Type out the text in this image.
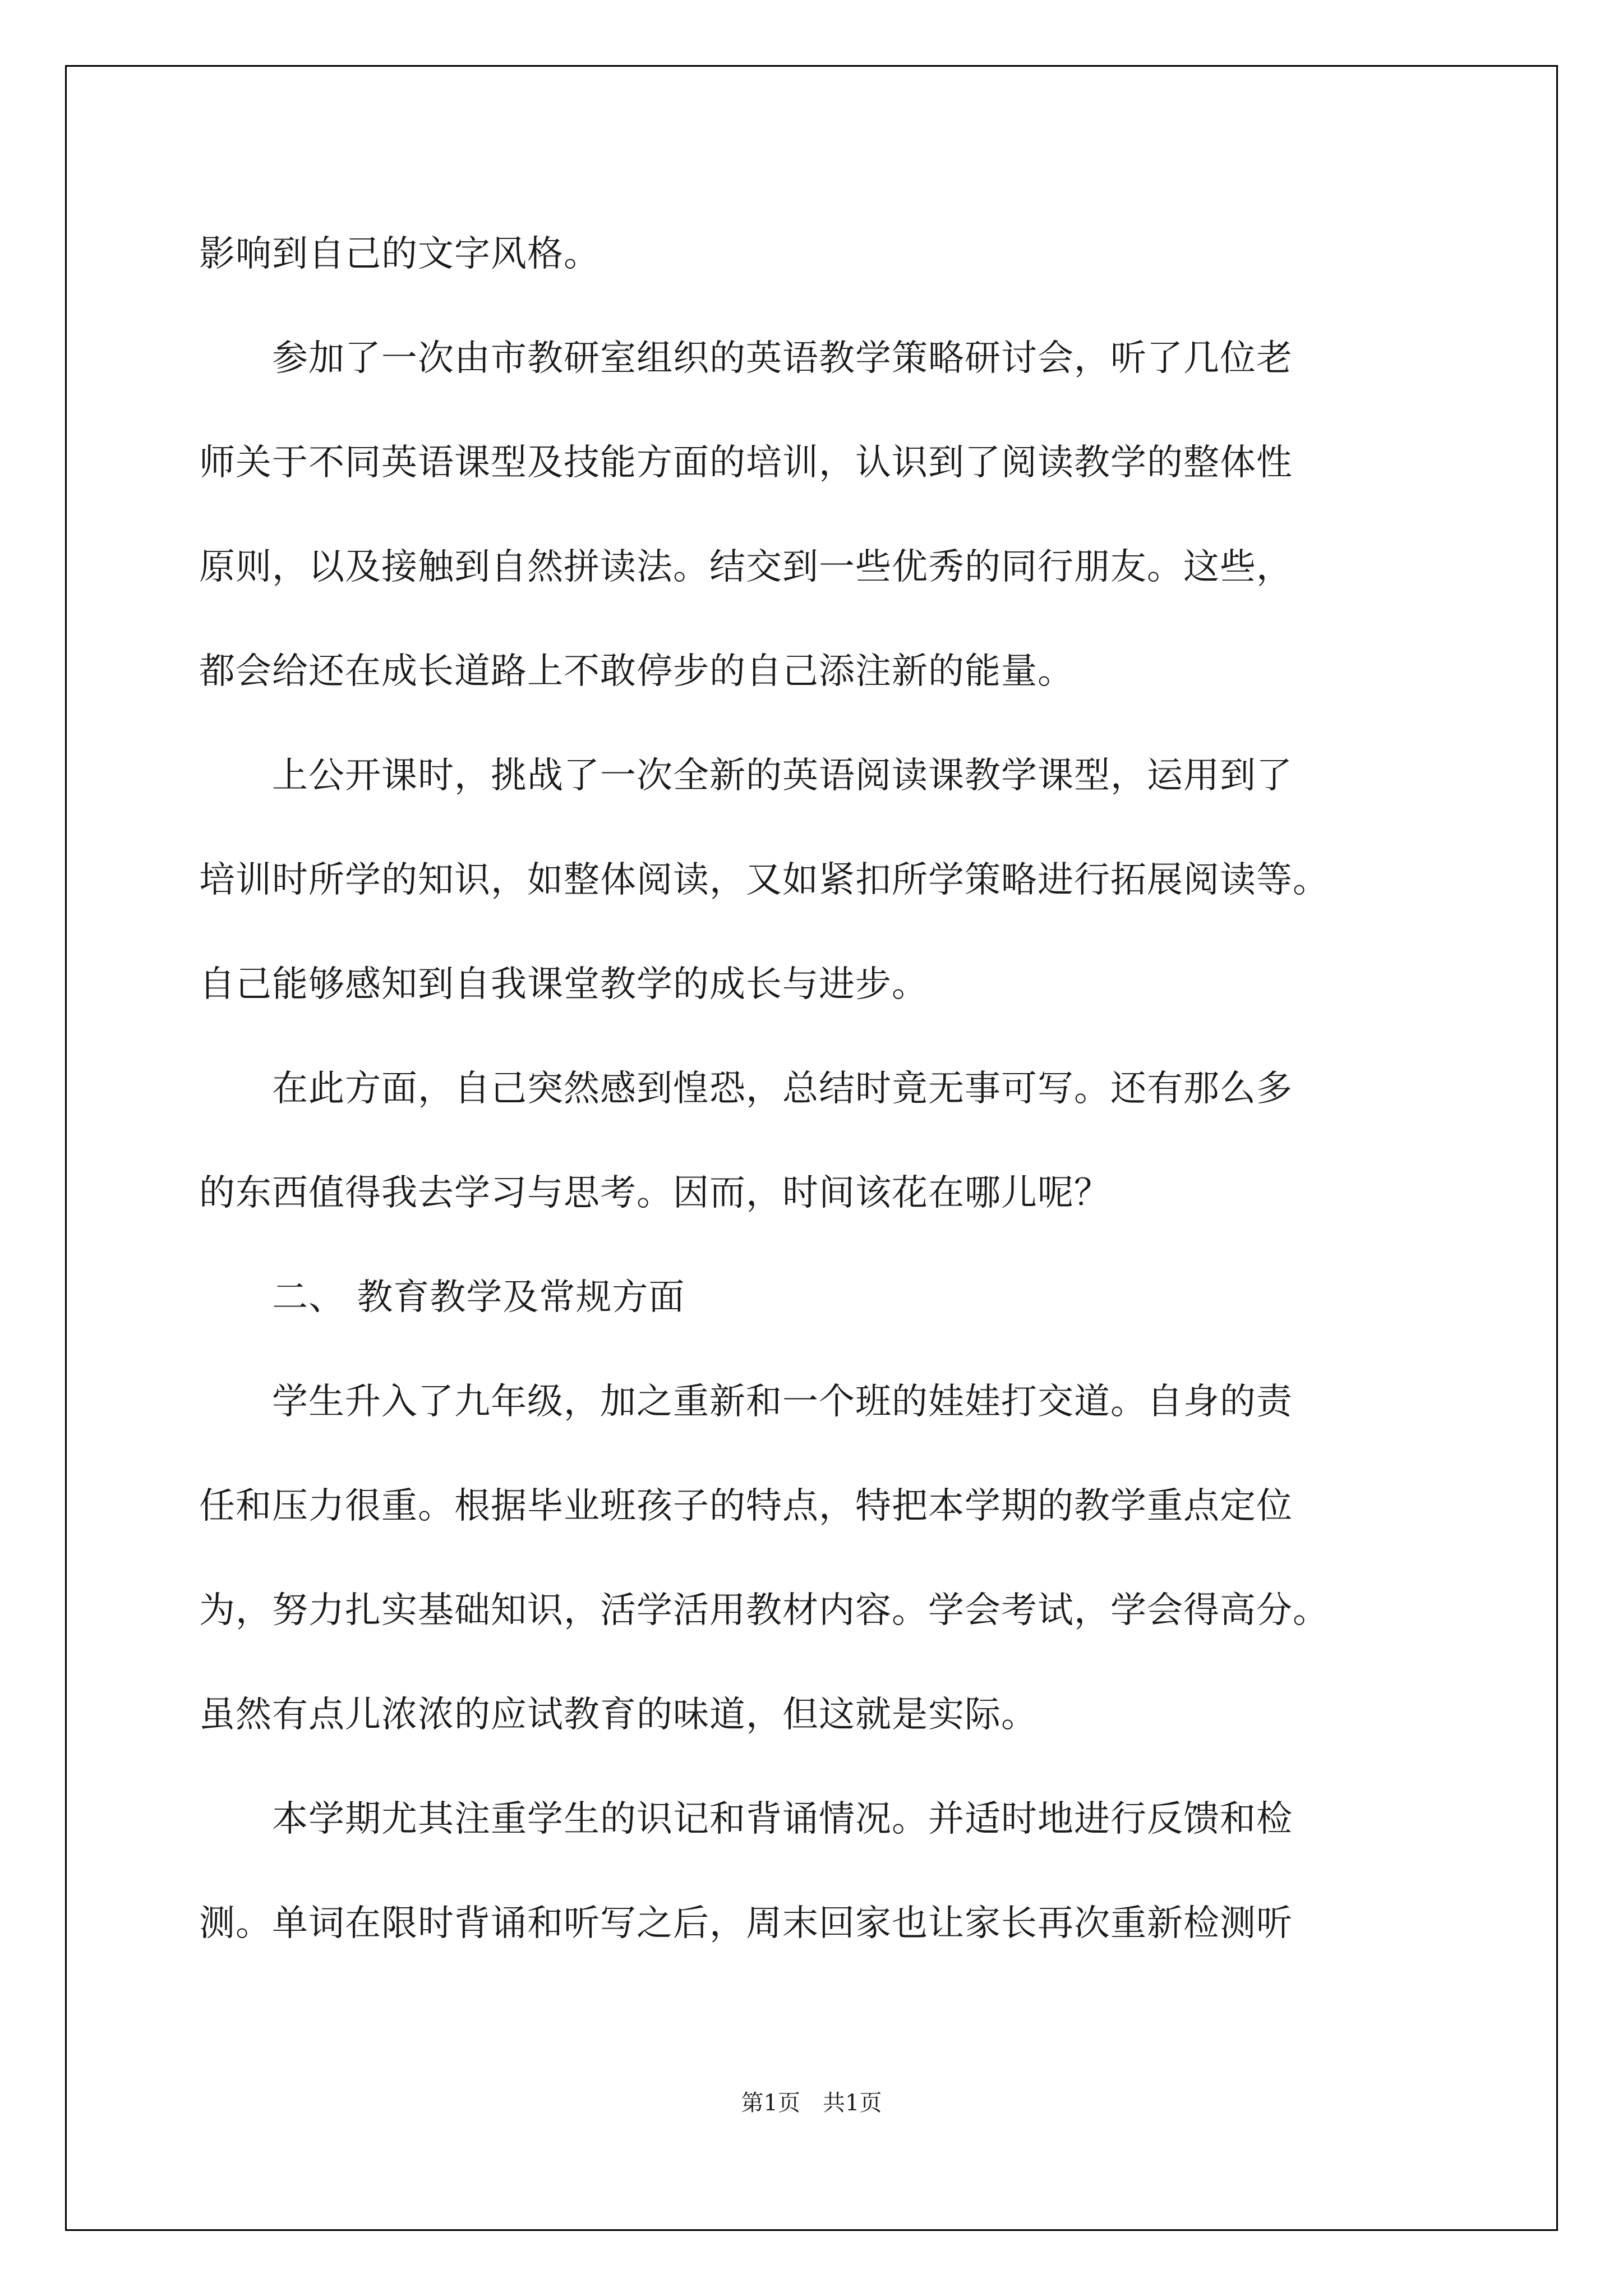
影响到自己的文字风格。
　　参加了一次由市教研室组织的英语教学策略研讨会，听了几位老
师关于不同英语课型及技能方面的培训，认识到了阅读教学的整体性
原则，以及接触到自然拼读法。结交到一些优秀的同行朋友。这些，
都会给还在成长道路上不敢停步的自己添注新的能量。
　　上公开课时，挑战了一次全新的英语阅读课教学课型，运用到了
培训时所学的知识，如整体阅读，又如紧扣所学策略进行拓展阅读等。
自己能够感知到自我课堂教学的成长与进步。
　　在此方面，自己突然感到惶恐，总结时竟无事可写。还有那么多
的东西值得我去学习与思考。因而，时间该花在哪儿呢？
　　二、 教育教学及常规方面
　　学生升入了九年级，加之重新和一个班的娃娃打交道。自身的责
任和压力很重。根据毕业班孩子的特点，特把本学期的教学重点定位
为，努力扎实基础知识，活学活用教材内容。学会考试，学会得高分。
虽然有点儿浓浓的应试教育的味道，但这就是实际。
　　本学期尤其注重学生的识记和背诵情况。并适时地进行反馈和检
测。单词在限时背诵和听写之后，周末回家也让家长再次重新检测听
第1页　共1页
